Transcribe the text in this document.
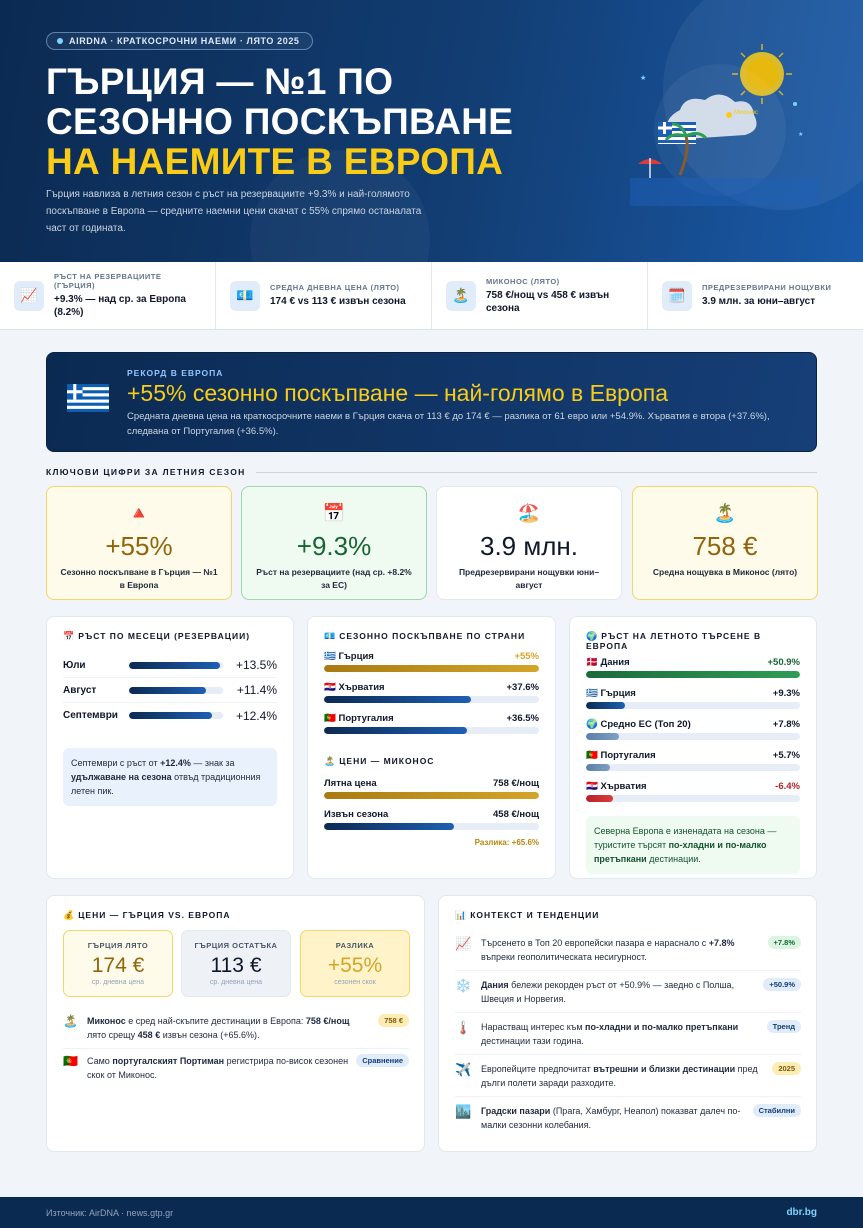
AIRDNA · КРАТКОСРОЧНИ НАЕМИ · ЛЯТО 2025
ГЪРЦИЯ — №1 ПО
СЕЗОННО ПОСКЪПВАНЕ
НА НАЕМИТЕ В ЕВРОПА

Гърция навлиза в летния сезон с ръст на резервациите +9.3% и най-голямото поскъпване в Европа — средните наемни цени скачат с 55% спрямо останалата част от годината.

Миконос
★
★
📈
РЪСТ НА РЕЗЕРВАЦИИТЕ (ГЪРЦИЯ)
+9.3% — над ср. за Европа (8.2%)
💶	СРЕДНА ДНЕВНА ЦЕНА (ЛЯТО)
174 € vs 113 € извън сезона	🏝️
МИКОНОС (ЛЯТО)
758 €/нощ vs 458 € извън сезона
🗓️	ПРЕДРЕЗЕРВИРАНИ НОЩУВКИ
3.9 млн. за юни–август
РЕКОРД В ЕВРОПА
+55% сезонно поскъпване — най-голямо в Европа
Средната дневна цена на краткосрочните наеми в Гърция скача от 113 € до 174 € — разлика от 61 евро или +54.9%. Хърватия е втора (+37.6%), следвана от Португалия (+36.5%).
КЛЮЧОВИ ЦИФРИ ЗА ЛЕТНИЯ СЕЗОН
🔺
+55%
Сезонно поскъпване в Гърция — №1 в Европа
📅
+9.3%
Ръст на резервациите (над ср. +8.2% за ЕС)
🏖️
3.9 млн.
Предрезервирани нощувки юни–август
🏝️
758 €
Средна нощувка в Миконос (лято)
📅 РЪСТ ПО МЕСЕЦИ (РЕЗЕРВАЦИИ)
Юли	+13.5%
Август	+11.4%
Септември	+12.4%
Септември с ръст от +12.4% — знак за удължаване на сезона отвъд традиционния летен пик.
💶 СЕЗОННО ПОСКЪПВАНЕ ПО СТРАНИ
🇬🇷 Гърция	+55%
🇭🇷 Хърватия	+37.6%
🇵🇹 Португалия	+36.5%
🏝️ ЦЕНИ — МИКОНОС
Лятна цена	758 €/нощ
Извън сезона	458 €/нощ
Разлика: +65.6%
🌍 РЪСТ НА ЛЕТНОТО ТЪРСЕНЕ В ЕВРОПА
🇩🇰 Дания	+50.9%
🇬🇷 Гърция	+9.3%
🌍 Средно ЕС (Топ 20)	+7.8%
🇵🇹 Португалия	+5.7%
🇭🇷 Хърватия	-6.4%
Северна Европа е изненадата на сезона — туристите търсят по-хладни и по-малко претъпкани дестинации.
💰 ЦЕНИ — ГЪРЦИЯ VS. ЕВРОПА
ГЪРЦИЯ ЛЯТО
174 €
ср. дневна цена
ГЪРЦИЯ ОСТАТЪКА
113 €
ср. дневна цена
РАЗЛИКА
+55%
сезонен скок
🏝️ Миконос е сред най-скъпите дестинации в Европа: 758 €/нощ лято срещу 458 € извън сезона (+65.6%).
758 €
🇵🇹 Само португалският Портиман регистрира по-висок сезонен скок от Миконос.
Сравнение
📊 КОНТЕКСТ И ТЕНДЕНЦИИ
📈 Търсенето в Топ 20 европейски пазара е нараснало с +7.8% въпреки геополитическата несигурност.
+7.8%
❄️ Дания бележи рекорден ръст от +50.9% — заедно с Полша, Швеция и Норвегия.
+50.9%
🌡️ Нарастващ интерес към по-хладни и по-малко претъпкани дестинации тази година.
Тренд
✈️ Европейците предпочитат вътрешни и близки дестинации пред дълги полети заради разходите.
2025
🏙️ Градски пазари (Прага, Хамбург, Неапол) показват далеч по-малки сезонни колебания.
Стабилни
Източник: AirDNA · news.gtp.gr	dbr.bg
